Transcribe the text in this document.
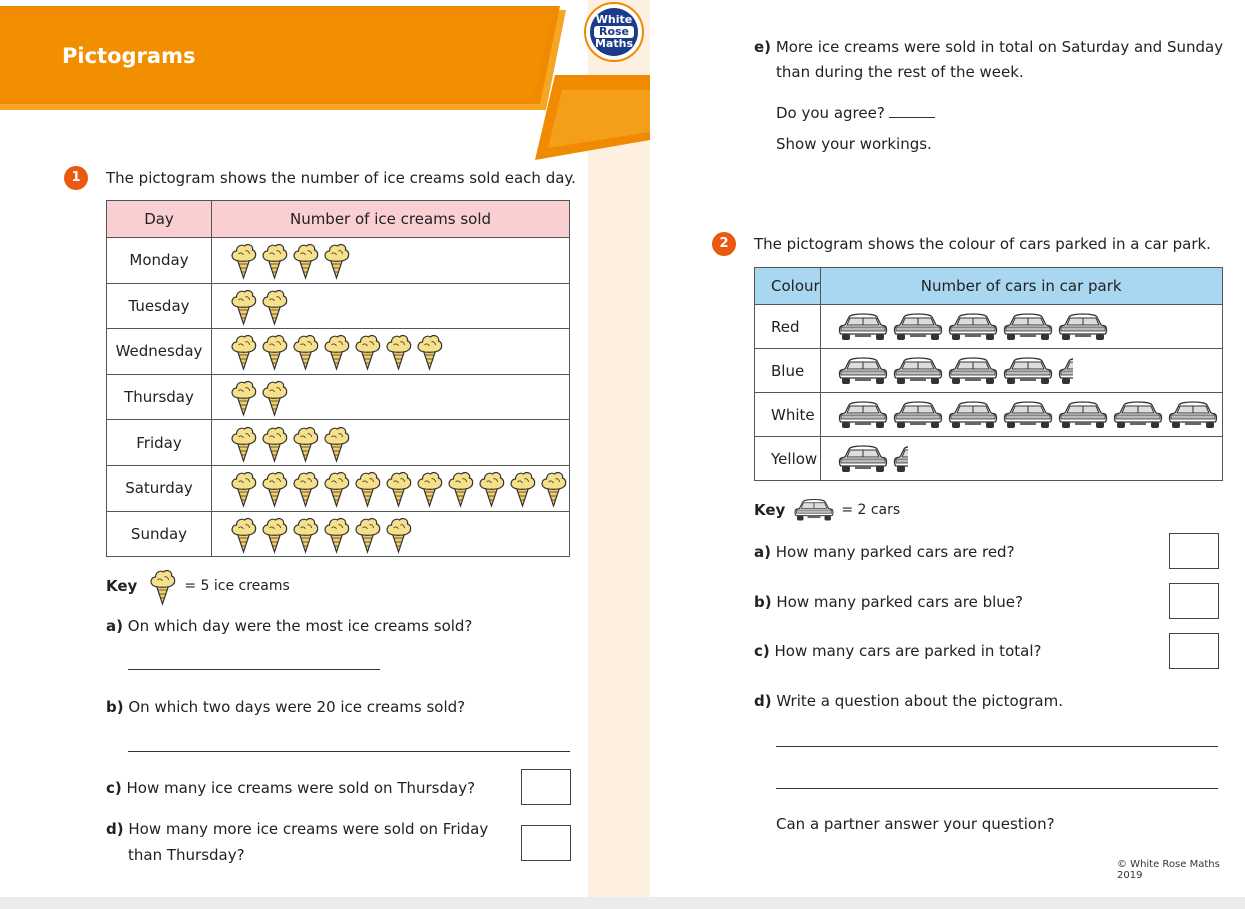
Pictograms
White

Rose
Maths
1	The pictogram shows the number of ice creams sold each day.

Day	Number of ice creams sold
Monday	

Tuesday	

Wednesday	

Thursday	

Friday	

Saturday	

Sunday	
Key	= 5 ice creams

a) On which day were the most ice creams sold?

b) On which two days were 20 ice creams sold?

c) How many ice creams were sold on Thursday?

d) How many more ice creams were sold on Friday

than Thursday?

e) More ice creams were sold in total on Saturday and Sunday

than during the rest of the week.

Do you agree?

Show your workings.

2	The pictogram shows the colour of cars parked in a car park.

Colour	Number of cars in car park
Red	

Blue	

White	

Yellow	
Key	= 2 cars

a) How many parked cars are red?

b) How many parked cars are blue?

c) How many cars are parked in total?

d) Write a question about the pictogram.

Can a partner answer your question?

© White Rose Maths 2019
